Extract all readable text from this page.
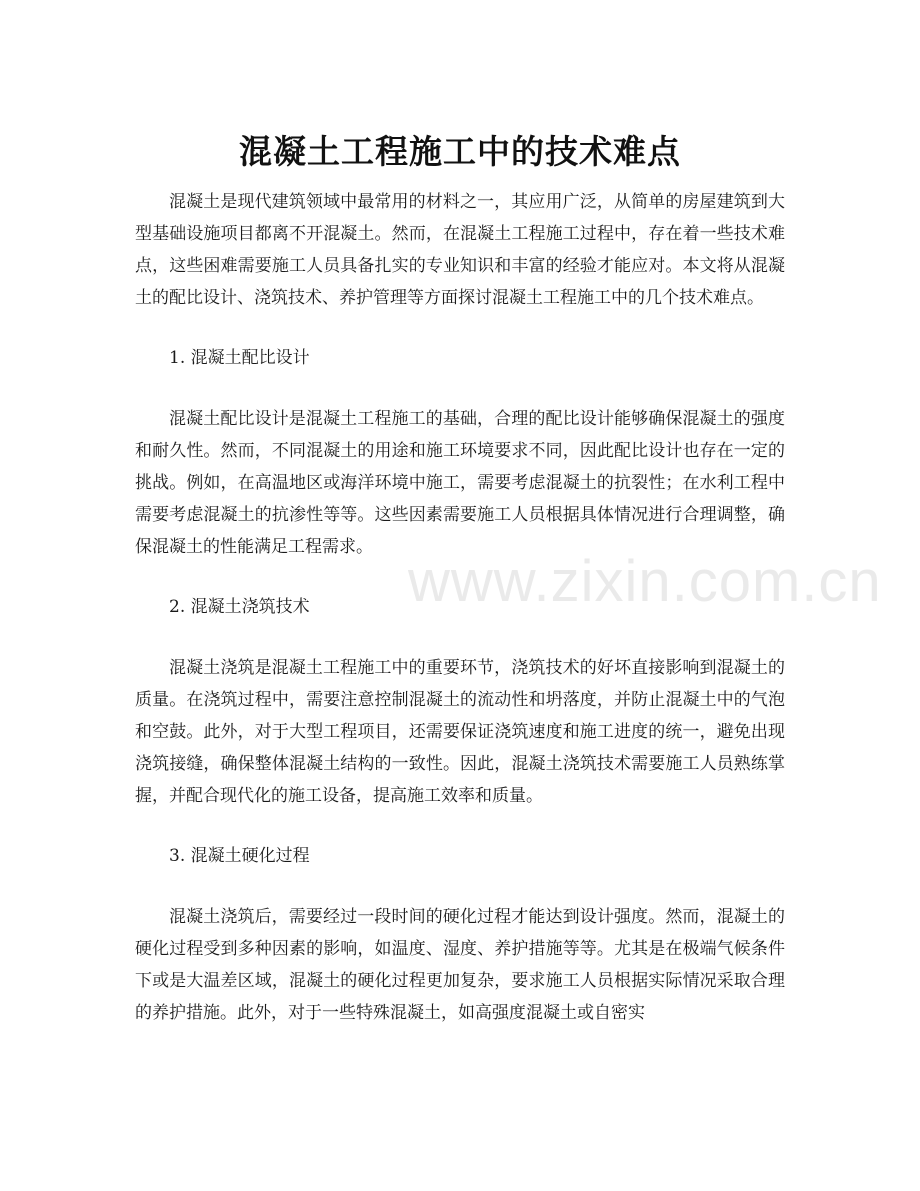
www.zixin.com.cn
混凝土工程施工中的技术难点

混凝土是现代建筑领域中最常用的材料之一，其应用广泛，从简单的房屋建筑到大型基础设施项目都离不开混凝土。然而，在混凝土工程施工过程中，存在着一些技术难点，这些困难需要施工人员具备扎实的专业知识和丰富的经验才能应对。本文将从混凝土的配比设计、浇筑技术、养护管理等方面探讨混凝土工程施工中的几个技术难点。

1. 混凝土配比设计

混凝土配比设计是混凝土工程施工的基础，合理的配比设计能够确保混凝土的强度和耐久性。然而，不同混凝土的用途和施工环境要求不同，因此配比设计也存在一定的挑战。例如，在高温地区或海洋环境中施工，需要考虑混凝土的抗裂性；在水利工程中需要考虑混凝土的抗渗性等等。这些因素需要施工人员根据具体情况进行合理调整，确保混凝土的性能满足工程需求。

2. 混凝土浇筑技术

混凝土浇筑是混凝土工程施工中的重要环节，浇筑技术的好坏直接影响到混凝土的质量。在浇筑过程中，需要注意控制混凝土的流动性和坍落度，并防止混凝土中的气泡和空鼓。此外，对于大型工程项目，还需要保证浇筑速度和施工进度的统一，避免出现浇筑接缝，确保整体混凝土结构的一致性。因此，混凝土浇筑技术需要施工人员熟练掌握，并配合现代化的施工设备，提高施工效率和质量。

3. 混凝土硬化过程

混凝土浇筑后，需要经过一段时间的硬化过程才能达到设计强度。然而，混凝土的硬化过程受到多种因素的影响，如温度、湿度、养护措施等等。尤其是在极端气候条件下或是大温差区域，混凝土的硬化过程更加复杂，要求施工人员根据实际情况采取合理的养护措施。此外，对于一些特殊混凝土，如高强度混凝土或自密实
